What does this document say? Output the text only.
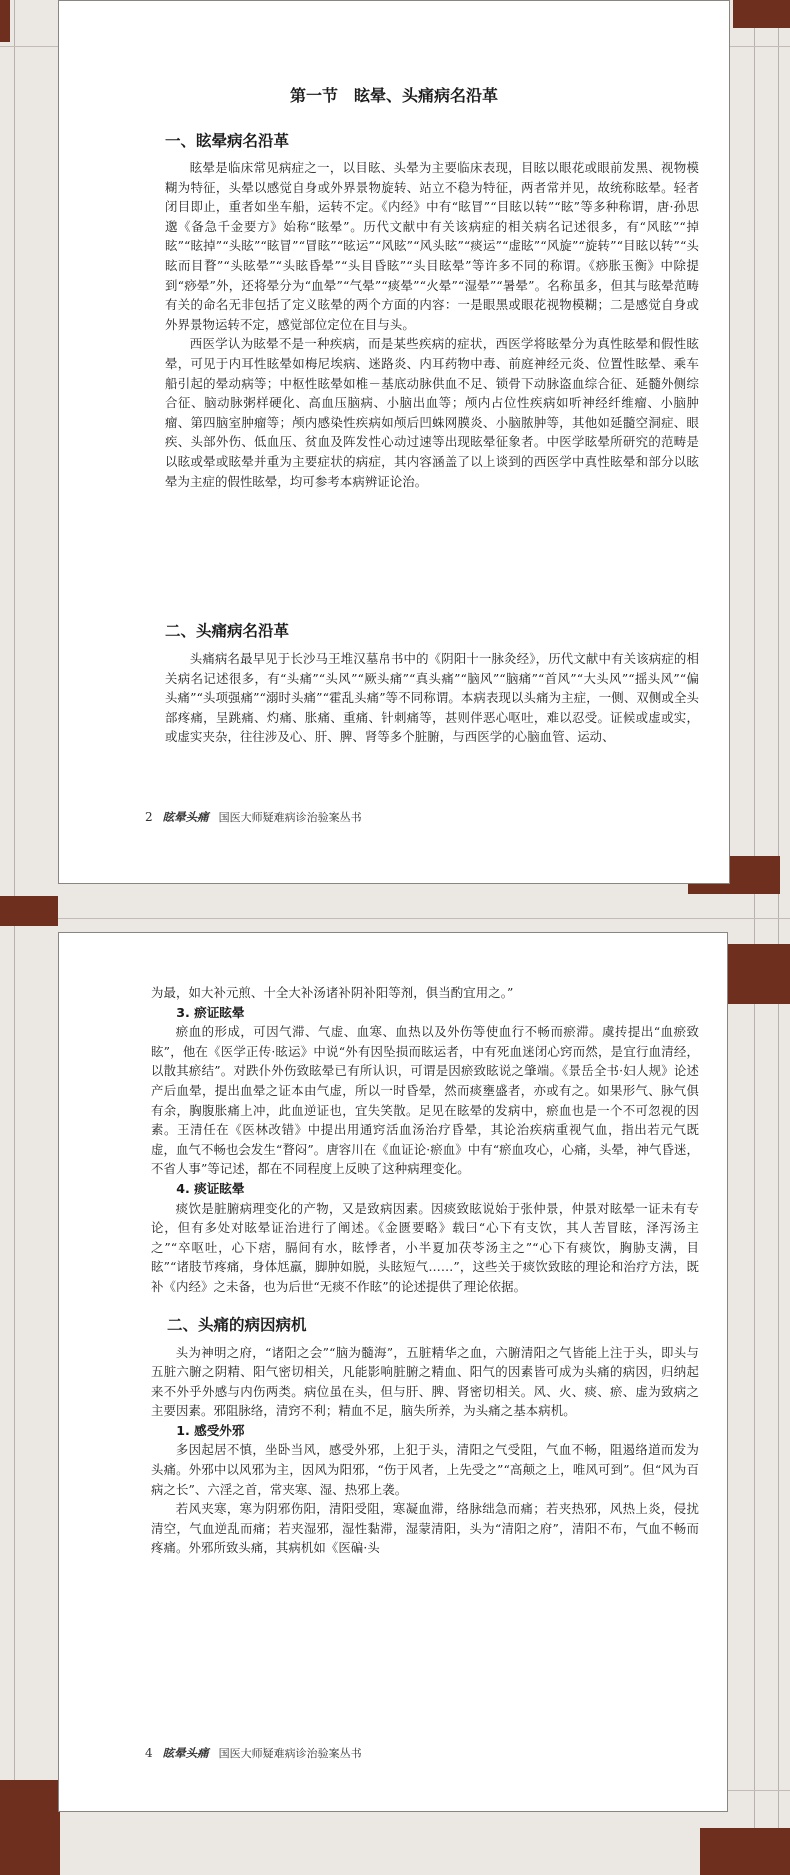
第一节　眩晕、头痛病名沿革
一、眩晕病名沿革

眩晕是临床常见病症之一，以目眩、头晕为主要临床表现，目眩以眼花或眼前发黑、视物模糊为特征，头晕以感觉自身或外界景物旋转、站立不稳为特征，两者常并见，故统称眩晕。轻者闭目即止，重者如坐车船，运转不定。《内经》中有“眩冒”“目眩以转”“眩”等多种称谓，唐·孙思邈《备急千金要方》始称“眩晕”。历代文献中有关该病症的相关病名记述很多，有“风眩”“掉眩”“眩掉”“头眩”“眩冒”“冒眩”“眩运”“风眩”“风头眩”“痰运”“虚眩”“风旋”“旋转”“目眩以转”“头眩而目瞀”“头眩晕”“头眩昏晕”“头目昏眩”“头目眩晕”等许多不同的称谓。《痧胀玉衡》中除提到“痧晕”外，还将晕分为“血晕”“气晕”“痰晕”“火晕”“湿晕”“暑晕”。名称虽多，但其与眩晕范畴有关的命名无非包括了定义眩晕的两个方面的内容：一是眼黑或眼花视物模糊；二是感觉自身或外界景物运转不定，感觉部位定位在目与头。

西医学认为眩晕不是一种疾病，而是某些疾病的症状，西医学将眩晕分为真性眩晕和假性眩晕，可见于内耳性眩晕如梅尼埃病、迷路炎、内耳药物中毒、前庭神经元炎、位置性眩晕、乘车船引起的晕动病等；中枢性眩晕如椎－基底动脉供血不足、锁骨下动脉盗血综合征、延髓外侧综合征、脑动脉粥样硬化、高血压脑病、小脑出血等；颅内占位性疾病如听神经纤维瘤、小脑肿瘤、第四脑室肿瘤等；颅内感染性疾病如颅后凹蛛网膜炎、小脑脓肿等，其他如延髓空洞症、眼疾、头部外伤、低血压、贫血及阵发性心动过速等出现眩晕征象者。中医学眩晕所研究的范畴是以眩或晕或眩晕并重为主要症状的病症，其内容涵盖了以上谈到的西医学中真性眩晕和部分以眩晕为主症的假性眩晕，均可参考本病辨证论治。

二、头痛病名沿革

头痛病名最早见于长沙马王堆汉墓帛书中的《阴阳十一脉灸经》，历代文献中有关该病症的相关病名记述很多，有“头痛”“头风”“厥头痛”“真头痛”“脑风”“脑痛”“首风”“大头风”“摇头风”“偏头痛”“头项强痛”“溺时头痛”“霍乱头痛”等不同称谓。本病表现以头痛为主症，一侧、双侧或全头部疼痛，呈跳痛、灼痛、胀痛、重痛、针刺痛等，甚则伴恶心呕吐，难以忍受。证候或虚或实，或虚实夹杂，往往涉及心、肝、脾、肾等多个脏腑，与西医学的心脑血管、运动、

2 眩晕头痛 国医大师疑难病诊治验案丛书

为最，如大补元煎、十全大补汤诸补阴补阳等剂，俱当酌宜用之。”

3. 瘀证眩晕

瘀血的形成，可因气滞、气虚、血寒、血热以及外伤等使血行不畅而瘀滞。虞抟提出“血瘀致眩”，他在《医学正传·眩运》中说“外有因坠损而眩运者，中有死血迷闭心窍而然，是宜行血清经，以散其瘀结”。对跌仆外伤致眩晕已有所认识，可谓是因瘀致眩说之肇端。《景岳全书·妇人规》论述产后血晕，提出血晕之证本由气虚，所以一时昏晕，然而痰壅盛者，亦或有之。如果形气、脉气俱有余，胸腹胀痛上冲，此血逆证也，宜失笑散。足见在眩晕的发病中，瘀血也是一个不可忽视的因素。王清任在《医林改错》中提出用通窍活血汤治疗昏晕，其论治疾病重视气血，指出若元气既虚，血气不畅也会发生“瞀闷”。唐容川在《血证论·瘀血》中有“瘀血攻心，心痛，头晕，神气昏迷，不省人事”等记述，都在不同程度上反映了这种病理变化。

4. 痰证眩晕

痰饮是脏腑病理变化的产物，又是致病因素。因痰致眩说始于张仲景，仲景对眩晕一证未有专论，但有多处对眩晕证治进行了阐述。《金匮要略》载曰“心下有支饮，其人苦冒眩，泽泻汤主之”“卒呕吐，心下痞，膈间有水，眩悸者，小半夏加茯苓汤主之”“心下有痰饮，胸胁支满，目眩”“诸肢节疼痛，身体尪羸，脚肿如脱，头眩短气……”，这些关于痰饮致眩的理论和治疗方法，既补《内经》之未备，也为后世“无痰不作眩”的论述提供了理论依据。

二、头痛的病因病机

头为神明之府，“诸阳之会”“脑为髓海”，五脏精华之血，六腑清阳之气皆能上注于头，即头与五脏六腑之阴精、阳气密切相关，凡能影响脏腑之精血、阳气的因素皆可成为头痛的病因，归纳起来不外乎外感与内伤两类。病位虽在头，但与肝、脾、肾密切相关。风、火、痰、瘀、虚为致病之主要因素。邪阻脉络，清窍不利；精血不足，脑失所养，为头痛之基本病机。

1. 感受外邪

多因起居不慎，坐卧当风，感受外邪，上犯于头，清阳之气受阻，气血不畅，阻遏络道而发为头痛。外邪中以风邪为主，因风为阳邪，“伤于风者，上先受之”“高颠之上，唯风可到”。但“风为百病之长”、六淫之首，常夹寒、湿、热邪上袭。

若风夹寒，寒为阴邪伤阳，清阳受阻，寒凝血滞，络脉绌急而痛；若夹热邪，风热上炎，侵扰清空，气血逆乱而痛；若夹湿邪，湿性黏滞，湿蒙清阳，头为“清阳之府”，清阳不布，气血不畅而疼痛。外邪所致头痛，其病机如《医碥·头

4 眩晕头痛 国医大师疑难病诊治验案丛书
